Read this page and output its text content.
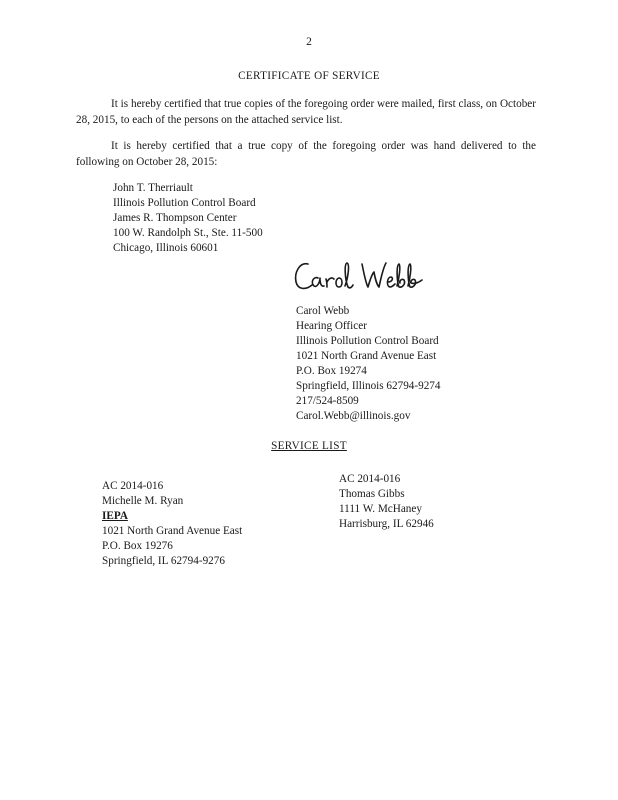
2
CERTIFICATE OF SERVICE
It is hereby certified that true copies of the foregoing order were mailed, first class, on October 28, 2015, to each of the persons on the attached service list.
It is hereby certified that a true copy of the foregoing order was hand delivered to the following on October 28, 2015:
John T. Therriault
Illinois Pollution Control Board
James R. Thompson Center
100 W. Randolph St., Ste. 11-500
Chicago, Illinois 60601
Carol Webb
Hearing Officer
Illinois Pollution Control Board
1021 North Grand Avenue East
P.O. Box 19274
Springfield, Illinois 62794-9274
217/524-8509
Carol.Webb@illinois.gov
SERVICE LIST
AC 2014-016
Michelle M. Ryan
IEPA
1021 North Grand Avenue East
P.O. Box 19276
Springfield, IL 62794-9276
AC 2014-016
Thomas Gibbs
1111 W. McHaney
Harrisburg, IL 62946
